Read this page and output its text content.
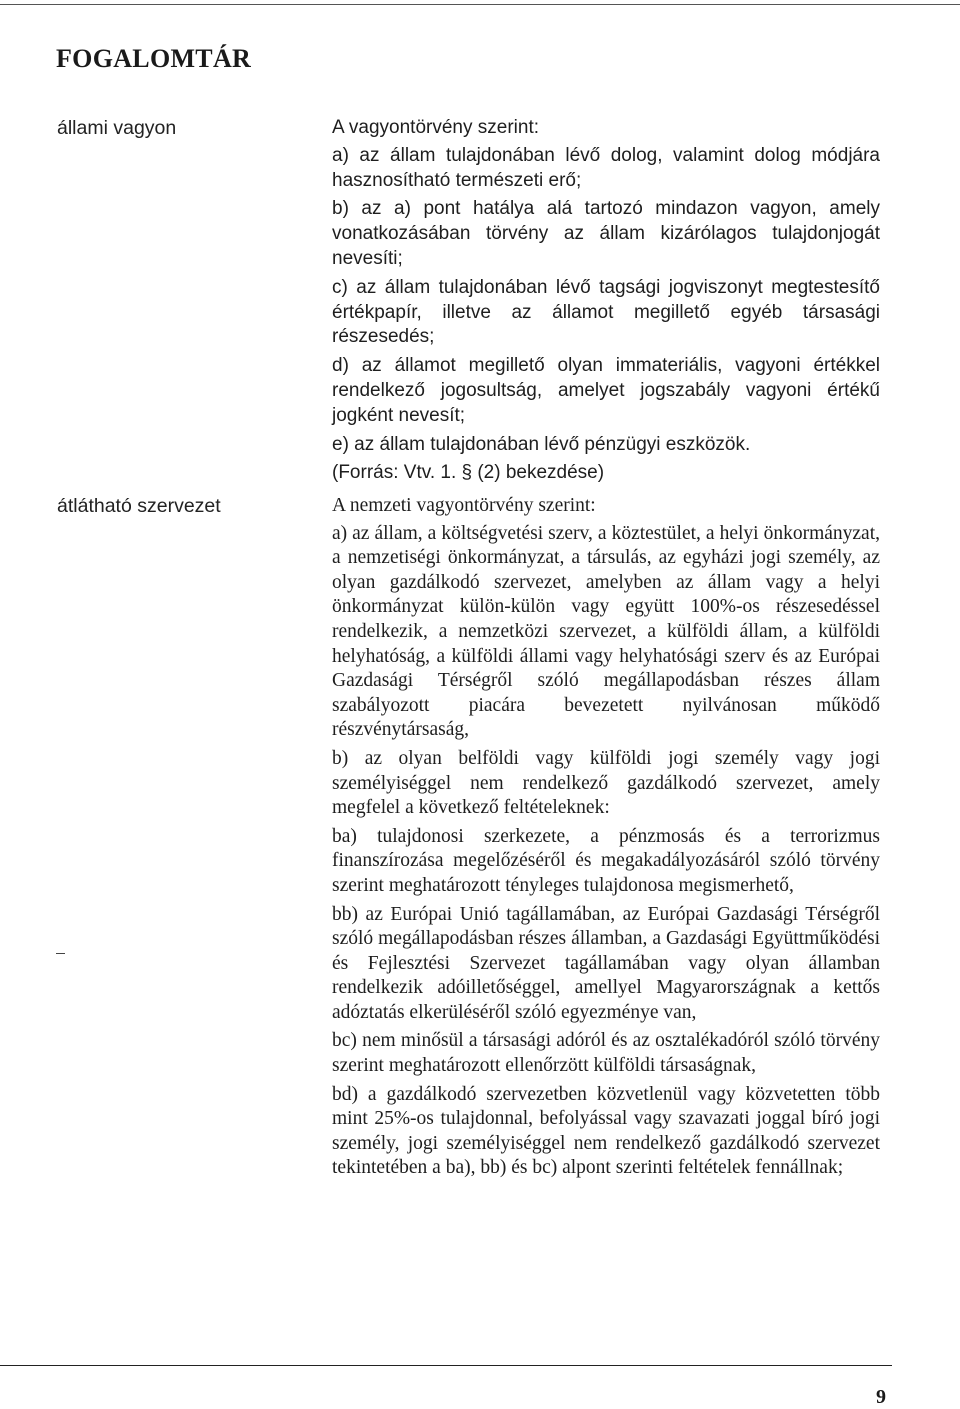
FOGALOMTÁR
állami vagyon	A vagyontörvény szerint:

a) az állam tulajdonában lévő dolog, valamint dolog módjára hasznosítható természeti erő;

b) az a) pont hatálya alá tartozó mindazon vagyon, amely vonatkozásában törvény az állam kizárólagos tulajdonjogát nevesíti;

c) az állam tulajdonában lévő tagsági jogviszonyt megtestesítő értékpapír, illetve az államot megillető egyéb társasági részesedés;

d) az államot megillető olyan immateriális, vagyoni értékkel rendelkező jogosultság, amelyet jogszabály vagyoni értékű jogként nevesít;

e) az állam tulajdonában lévő pénzügyi eszközök.

(Forrás: Vtv. 1. § (2) bekezdése)

átlátható szervezet	A nemzeti vagyontörvény szerint:

a) az állam, a költségvetési szerv, a köztestület, a helyi önkormányzat, a nemzetiségi önkormányzat, a társulás, az egyházi jogi személy, az olyan gazdálkodó szervezet, amelyben az állam vagy a helyi önkormányzat külön-külön vagy együtt 100%-os részesedéssel rendelkezik, a nemzetközi szervezet, a külföldi állam, a külföldi helyhatóság, a külföldi állami vagy helyhatósági szerv és az Európai Gazdasági Térségről szóló megállapodásban részes állam szabályozott piacára bevezetett nyilvánosan működő részvénytársaság,

b) az olyan belföldi vagy külföldi jogi személy vagy jogi személyiséggel nem rendelkező gazdálkodó szervezet, amely megfelel a következő feltételeknek:

ba) tulajdonosi szerkezete, a pénzmosás és a terrorizmus finanszírozása megelőzéséről és megakadályozásáról szóló törvény szerint meghatározott tényleges tulajdonosa megismerhető,

bb) az Európai Unió tagállamában, az Európai Gazdasági Térségről szóló megállapodásban részes államban, a Gazdasági Együttműködési és Fejlesztési Szervezet tagállamában vagy olyan államban rendelkezik adóilletőséggel, amellyel Magyarországnak a kettős adóztatás elkerüléséről szóló egyezménye van,

bc) nem minősül a társasági adóról és az osztalékadóról szóló törvény szerint meghatározott ellenőrzött külföldi társaságnak,

bd) a gazdálkodó szervezetben közvetlenül vagy közvetetten több mint 25%-os tulajdonnal, befolyással vagy szavazati joggal bíró jogi személy, jogi személyiséggel nem rendelkező gazdálkodó szervezet tekintetében a ba), bb) és bc) alpont szerinti feltételek fennállnak;

9
